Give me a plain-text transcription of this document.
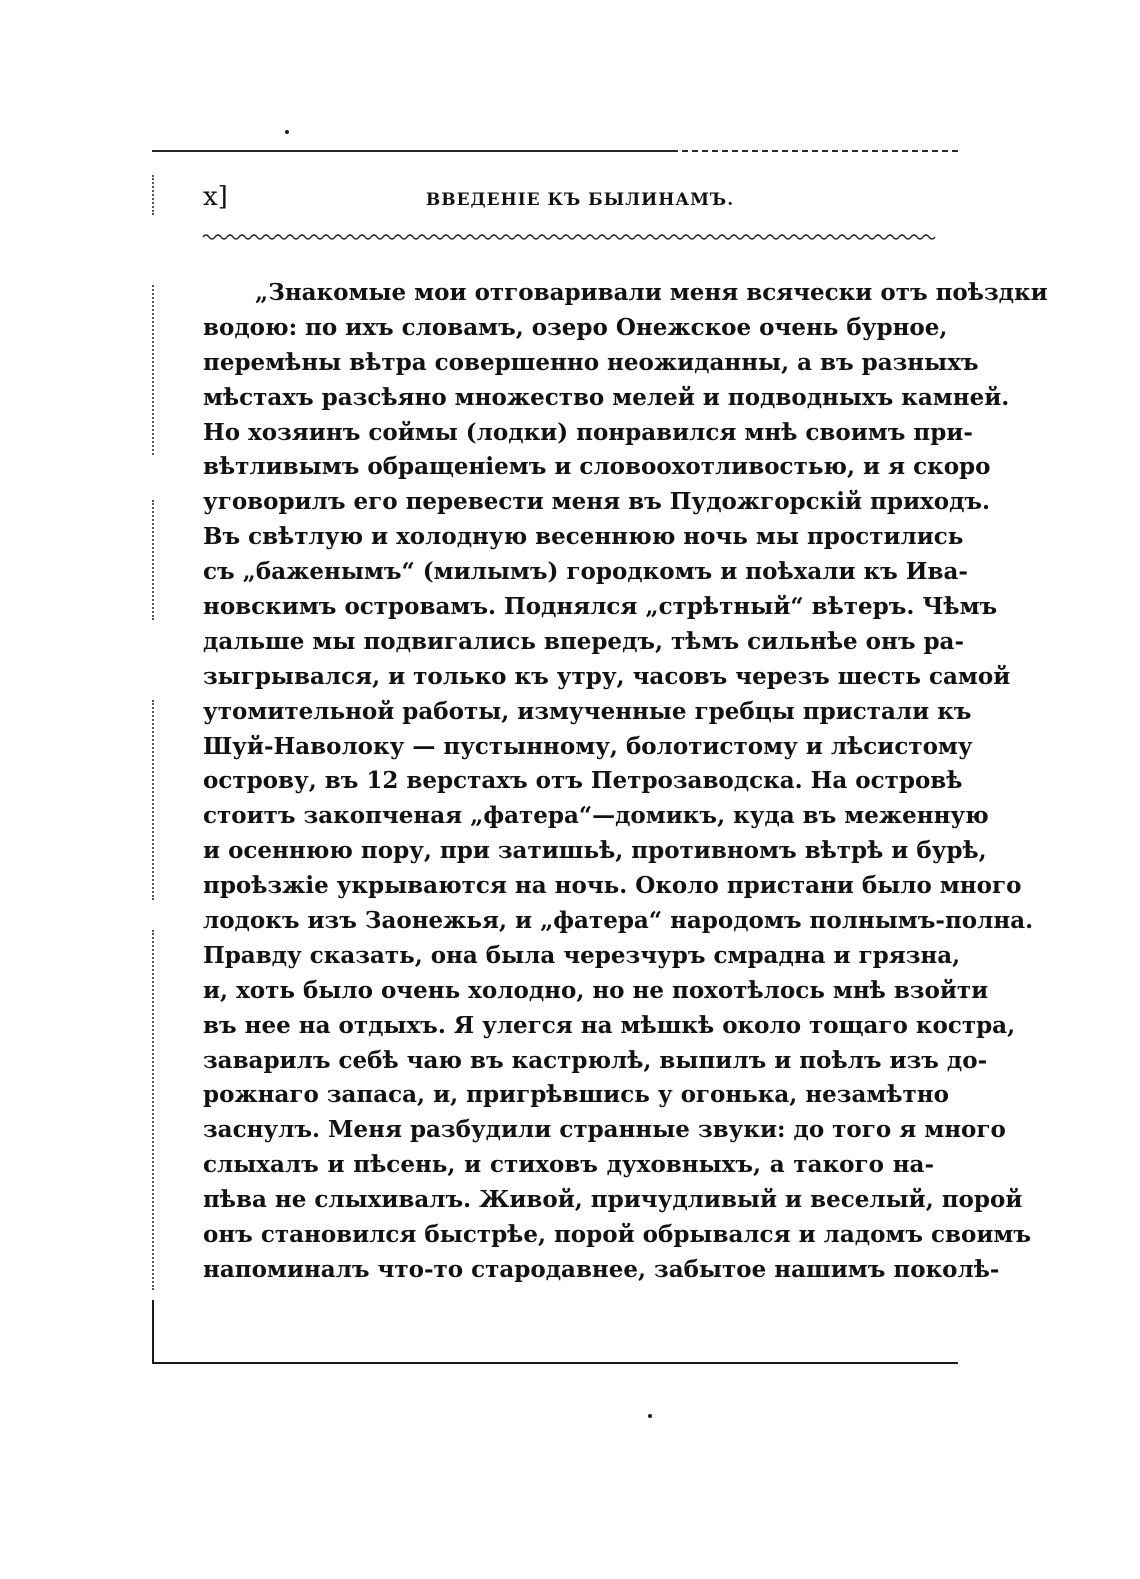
x]	ВВЕДЕНІЕ КЪ БЫЛИНАМЪ.
„Знакомые мои отговаривали меня всячески отъ поѣздки
водою: по ихъ словамъ, озеро Онежское очень бурное,
перемѣны вѣтра совершенно неожиданны, а въ разныхъ
мѣстахъ разсѣяно множество мелей и подводныхъ камней.
Но хозяинъ соймы (лодки) понравился мнѣ своимъ при-
вѣтливымъ обращеніемъ и словоохотливостью, и я скоро
уговорилъ его перевести меня въ Пудожгорскій приходъ.
Въ свѣтлую и холодную весеннюю ночь мы простились
съ „баженымъ“ (милымъ) городкомъ и поѣхали къ Ива-
новскимъ островамъ. Поднялся „стрѣтный“ вѣтеръ. Чѣмъ
дальше мы подвигались впередъ, тѣмъ сильнѣе онъ ра-
зыгрывался, и только къ утру, часовъ черезъ шесть самой
утомительной работы, измученные гребцы пристали къ
Шуй-Наволоку — пустынному, болотистому и лѣсистому
острову, въ 12 верстахъ отъ Петрозаводска. На островѣ
стоитъ закопченая „фатера“—домикъ, куда въ меженную
и осеннюю пору, при затишьѣ, противномъ вѣтрѣ и бурѣ,
проѣзжіе укрываются на ночь. Около пристани было много
лодокъ изъ Заонежья, и „фатера“ народомъ полнымъ-полна.
Правду сказать, она была черезчуръ смрадна и грязна,
и, хоть было очень холодно, но не похотѣлось мнѣ взойти
въ нее на отдыхъ. Я улегся на мѣшкѣ около тощаго костра,
заварилъ себѣ чаю въ кастрюлѣ, выпилъ и поѣлъ изъ до-
рожнаго запаса, и, пригрѣвшись у огонька, незамѣтно
заснулъ. Меня разбудили странные звуки: до того я много
слыхалъ и пѣсень, и стиховъ духовныхъ, а такого на-
пѣва не слыхивалъ. Живой, причудливый и веселый, порой
онъ становился быстрѣе, порой обрывался и ладомъ своимъ
напоминалъ что-то стародавнее, забытое нашимъ поколѣ-
